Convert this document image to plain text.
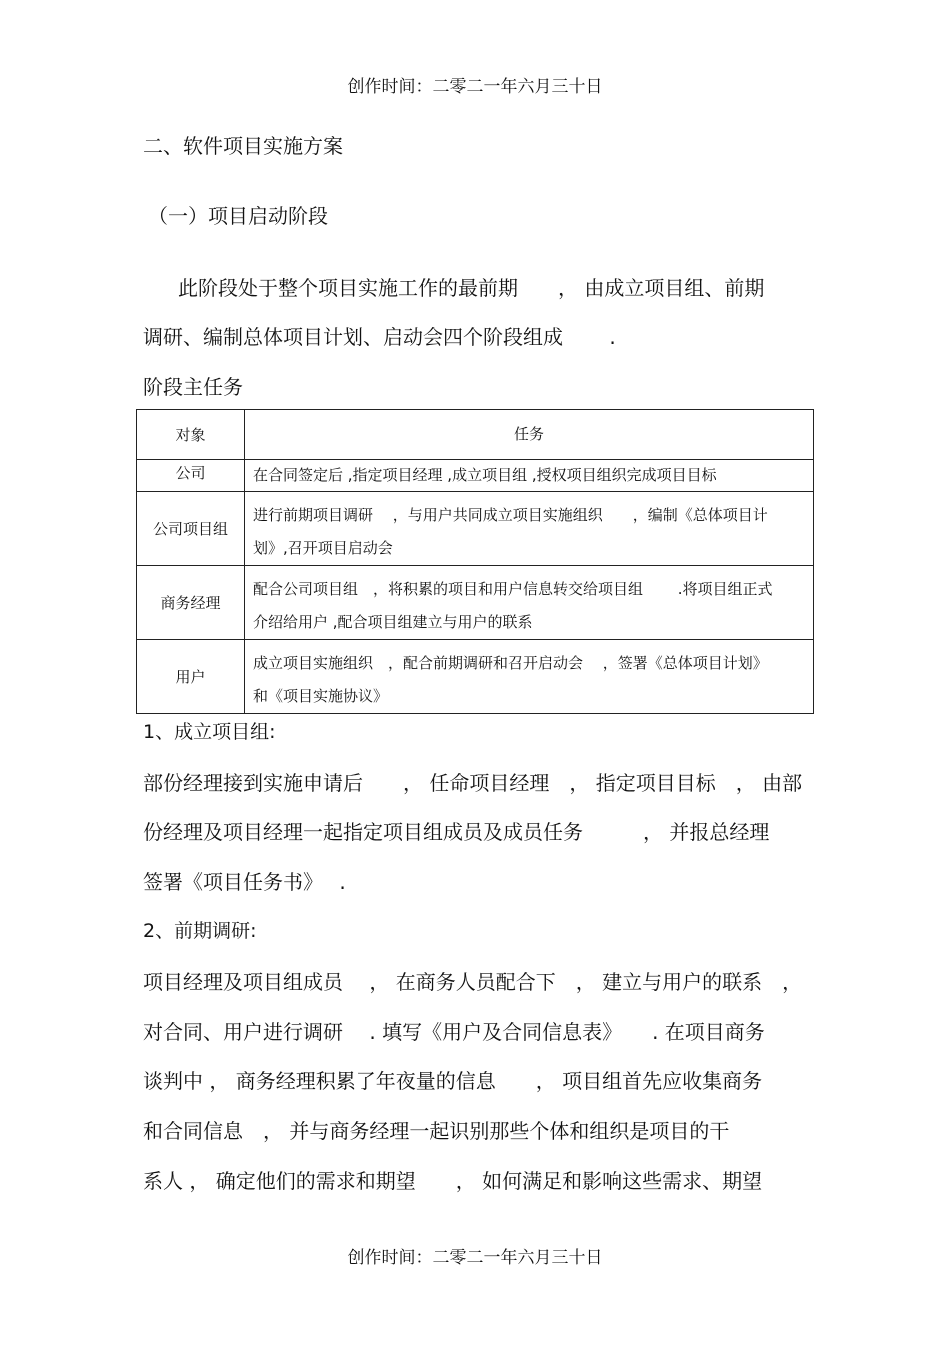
创作时间：二零二一年六月三十日
二、软件项目实施方案
（一）项目启动阶段
此阶段处于整个项目实施工作的最前期　　， 由成立项目组、前期
调研、编制总体项目计划、启动会四个阶段组成　　 .
阶段主任务
对象	任务
公司	在合同签定后 ,指定项目经理 ,成立项目组 ,授权项目组织完成项目目标

公司项目组	进行前期项目调研　 ，与用户共同成立项目实施组织　　，编制《总体项目计
划》,召开项目启动会

商务经理	配合公司项目组　，将积累的项目和用户信息转交给项目组　　 .将项目组正式
介绍给用户 ,配合项目组建立与用户的联系

用户	成立项目实施组织　，配合前期调研和召开启动会　 ，签署《总体项目计划》
和《项目实施协议》
1、成立项目组:
部份经理接到实施申请后　　， 任命项目经理　， 指定项目目标　， 由部
份经理及项目经理一起指定项目组成员及成员任务　　　， 并报总经理
签署《项目任务书》　 .
2、前期调研:
项目经理及项目组成员　 ， 在商务人员配合下　， 建立与用户的联系　，
对合同、用户进行调研　 . 填写《用户及合同信息表》　　. 在项目商务
谈判中 ， 商务经理积累了年夜量的信息　　， 项目组首先应收集商务
和合同信息　， 并与商务经理一起识别那些个体和组织是项目的干
系人 ， 确定他们的需求和期望　　， 如何满足和影响这些需求、期望
创作时间：二零二一年六月三十日
